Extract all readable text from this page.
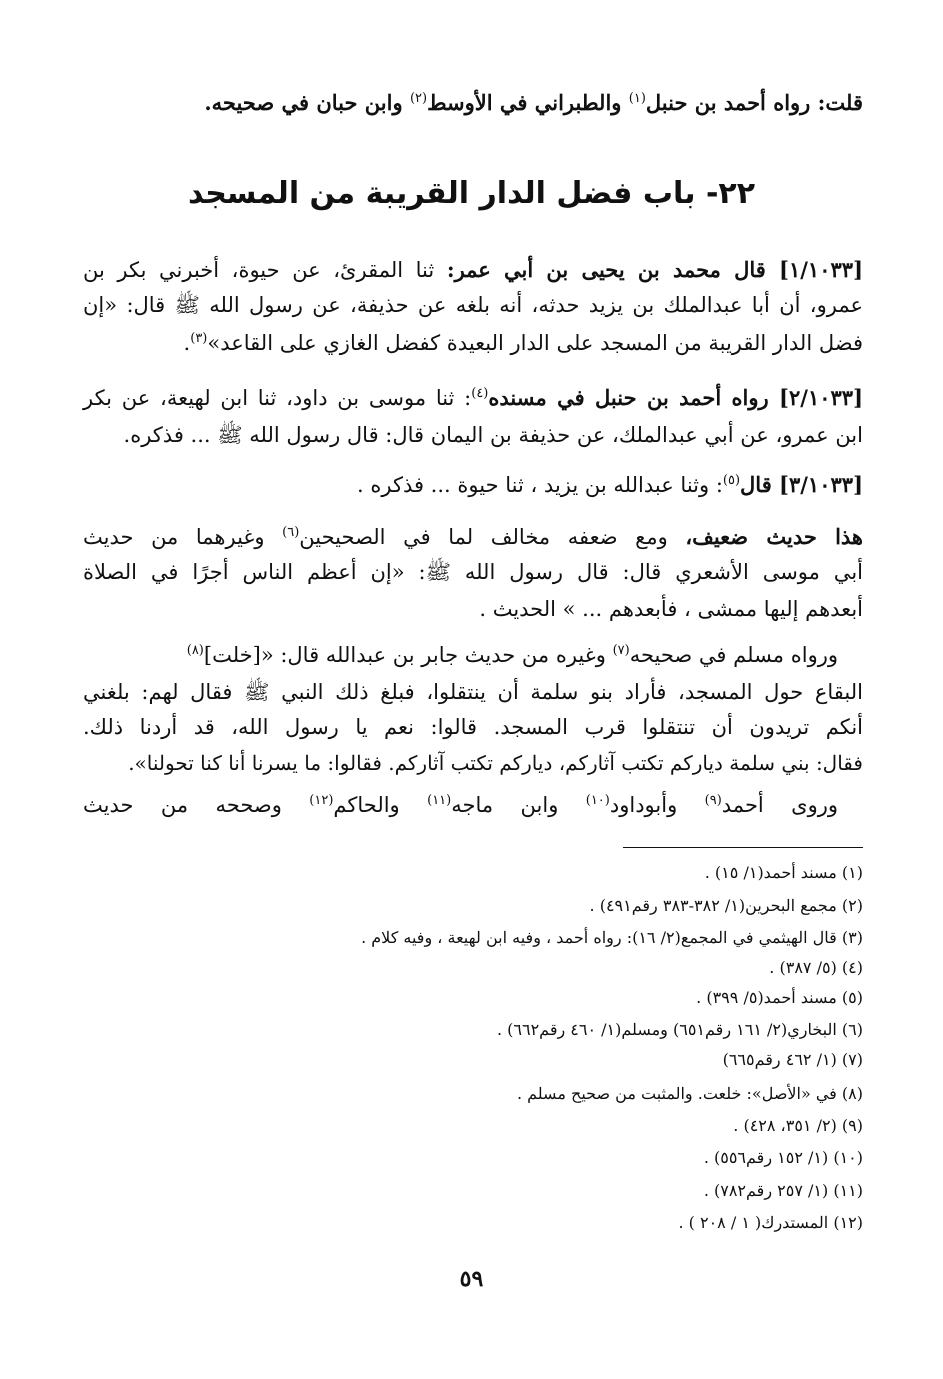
قلت: رواه أحمد بن حنبل$^{(١)}$ والطبراني في الأوسط$^{(٢)}$ وابن حبان في صحيحه.
٢٢- باب فضل الدار القريبة من المسجد
[١/١٠٣٣] قال محمد بن يحيى بن أبي عمر: ثنا المقرئ، عن حيوة، أخبرني بكر بن
عمرو، أن أبا عبدالملك بن يزيد حدثه، أنه بلغه عن حذيفة، عن رسول الله ﷺ قال: «إن
فضل الدار القريبة من المسجد على الدار البعيدة كفضل الغازي على القاعد»$^{(٣)}$.
[٢/١٠٣٣] رواه أحمد بن حنبل في مسنده$^{(٤)}$: ثنا موسى بن داود، ثنا ابن لهيعة، عن بكر
ابن عمرو، عن أبي عبدالملك، عن حذيفة بن اليمان قال: قال رسول الله ﷺ ... فذكره.
[٣/١٠٣٣] قال$^{(٥)}$: وثنا عبدالله بن يزيد ، ثنا حيوة ... فذكره .
هذا حديث ضعيف، ومع ضعفه مخالف لما في الصحيحين$^{(٦)}$ وغيرهما من حديث
أبي موسى الأشعري قال: قال رسول الله ﷺ: «إن أعظم الناس أجرًا في الصلاة
أبعدهم إليها ممشى ، فأبعدهم ... » الحديث .
ورواه مسلم في صحيحه$^{(٧)}$ وغيره من حديث جابر بن عبدالله قال: «[خلت]$^{(٨)}$
البقاع حول المسجد، فأراد بنو سلمة أن ينتقلوا، فبلغ ذلك النبي ﷺ فقال لهم: بلغني
أنكم تريدون أن تنتقلوا قرب المسجد. قالوا: نعم يا رسول الله، قد أردنا ذلك.
فقال: بني سلمة دياركم تكتب آثاركم، دياركم تكتب آثاركم. فقالوا: ما يسرنا أنا كنا تحولنا».
وروى أحمد$^{(٩)}$ وأبوداود$^{(١٠)}$ وابن ماجه$^{(١١)}$ والحاكم$^{(١٢)}$ وصححه من حديث
(١) مسند أحمد(١/ ١٥) .
(٢) مجمع البحرين(١/ ٣٨٢-٣٨٣ رقم٤٩١) .
(٣) قال الهيثمي في المجمع(٢/ ١٦): رواه أحمد ، وفيه ابن لهيعة ، وفيه كلام .
(٤) (٥/ ٣٨٧) .
(٥) مسند أحمد(٥/ ٣٩٩) .
(٦) البخاري(٢/ ١٦١ رقم٦٥١) ومسلم(١/ ٤٦٠ رقم٦٦٢) .
(٧) (١/ ٤٦٢ رقم٦٦٥)
(٨) في «الأصل»: خلعت. والمثبت من صحيح مسلم .
(٩) (٢/ ٣٥١، ٤٢٨) .
(١٠) (١/ ١٥٢ رقم٥٥٦) .
(١١) (١/ ٢٥٧ رقم٧٨٢) .
(١٢) المستدرك( ١ / ٢٠٨ ) .
٥٩
